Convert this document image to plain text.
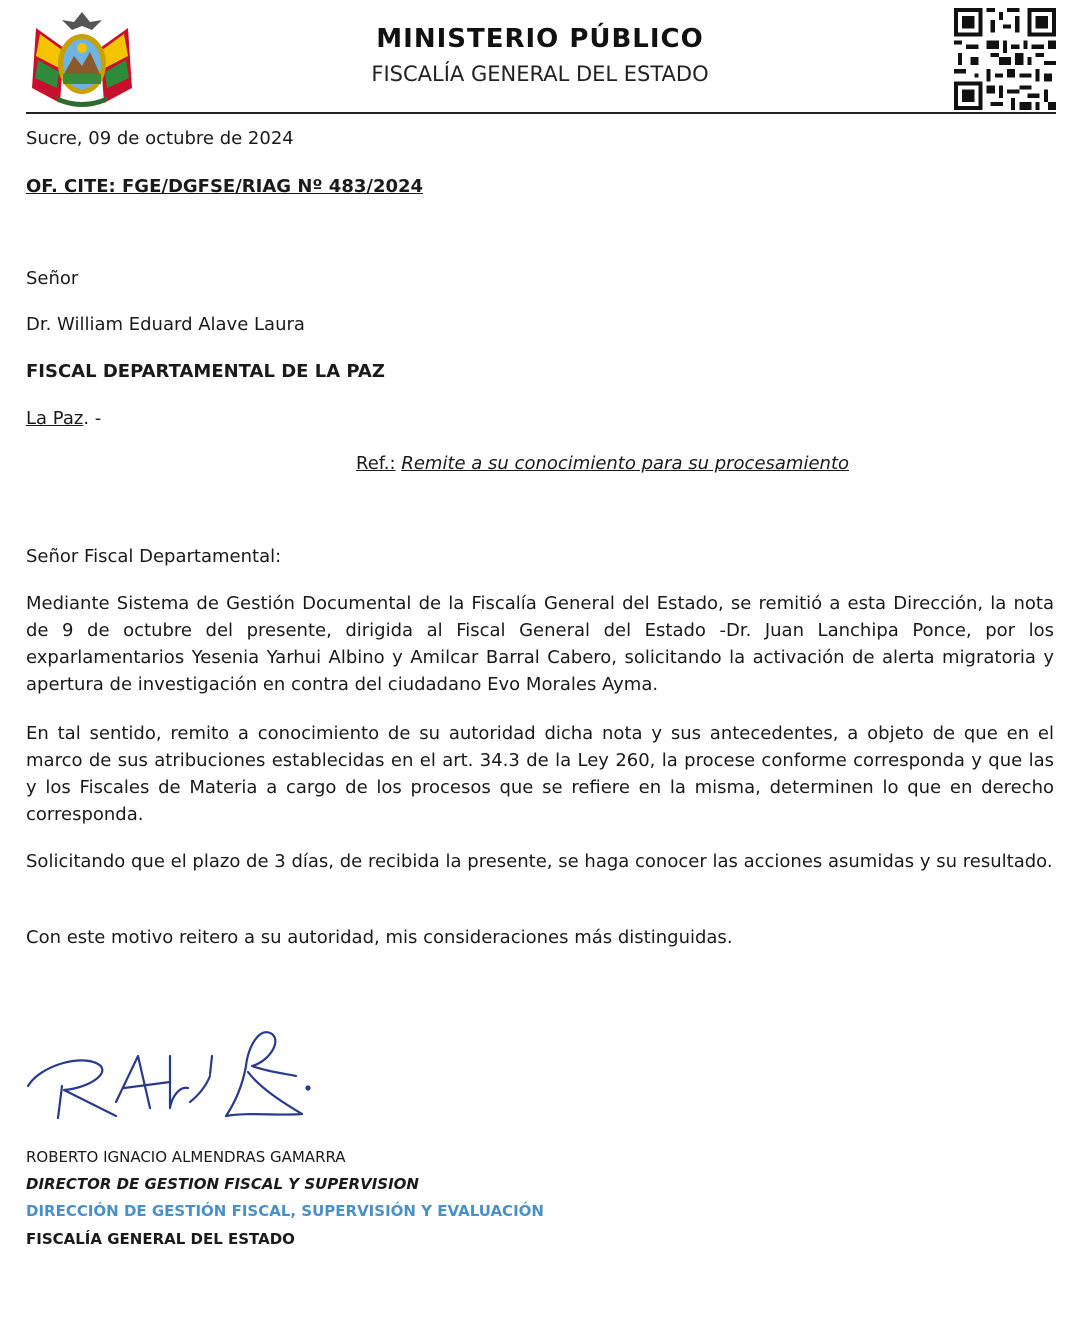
MINISTERIO PÚBLICO
FISCALÍA GENERAL DEL ESTADO
Sucre, 09 de octubre de 2024
OF. CITE: FGE/DGFSE/RIAG Nº 483/2024
Señor
Dr. William Eduard Alave Laura
FISCAL DEPARTAMENTAL DE LA PAZ
La Paz. -
Ref.: Remite a su conocimiento para su procesamiento
Señor Fiscal Departamental:

Mediante Sistema de Gestión Documental de la Fiscalía General del Estado, se remitió a esta Dirección, la nota de 9 de octubre del presente, dirigida al Fiscal General del Estado -Dr. Juan Lanchipa Ponce, por los exparlamentarios Yesenia Yarhui Albino y Amilcar Barral Cabero, solicitando la activación de alerta migratoria y apertura de investigación en contra del ciudadano Evo Morales Ayma.

En tal sentido, remito a conocimiento de su autoridad dicha nota y sus antecedentes, a objeto de que en el marco de sus atribuciones establecidas en el art. 34.3 de la Ley 260, la procese conforme corresponda y que las y los Fiscales de Materia a cargo de los procesos que se refiere en la misma, determinen lo que en derecho corresponda.

Solicitando que el plazo de 3 días, de recibida la presente, se haga conocer las acciones asumidas y su resultado.

Con este motivo reitero a su autoridad, mis consideraciones más distinguidas.

ROBERTO IGNACIO ALMENDRAS GAMARRA
DIRECTOR DE GESTION FISCAL Y SUPERVISION
DIRECCIÓN DE GESTIÓN FISCAL, SUPERVISIÓN Y EVALUACIÓN
FISCALÍA GENERAL DEL ESTADO
